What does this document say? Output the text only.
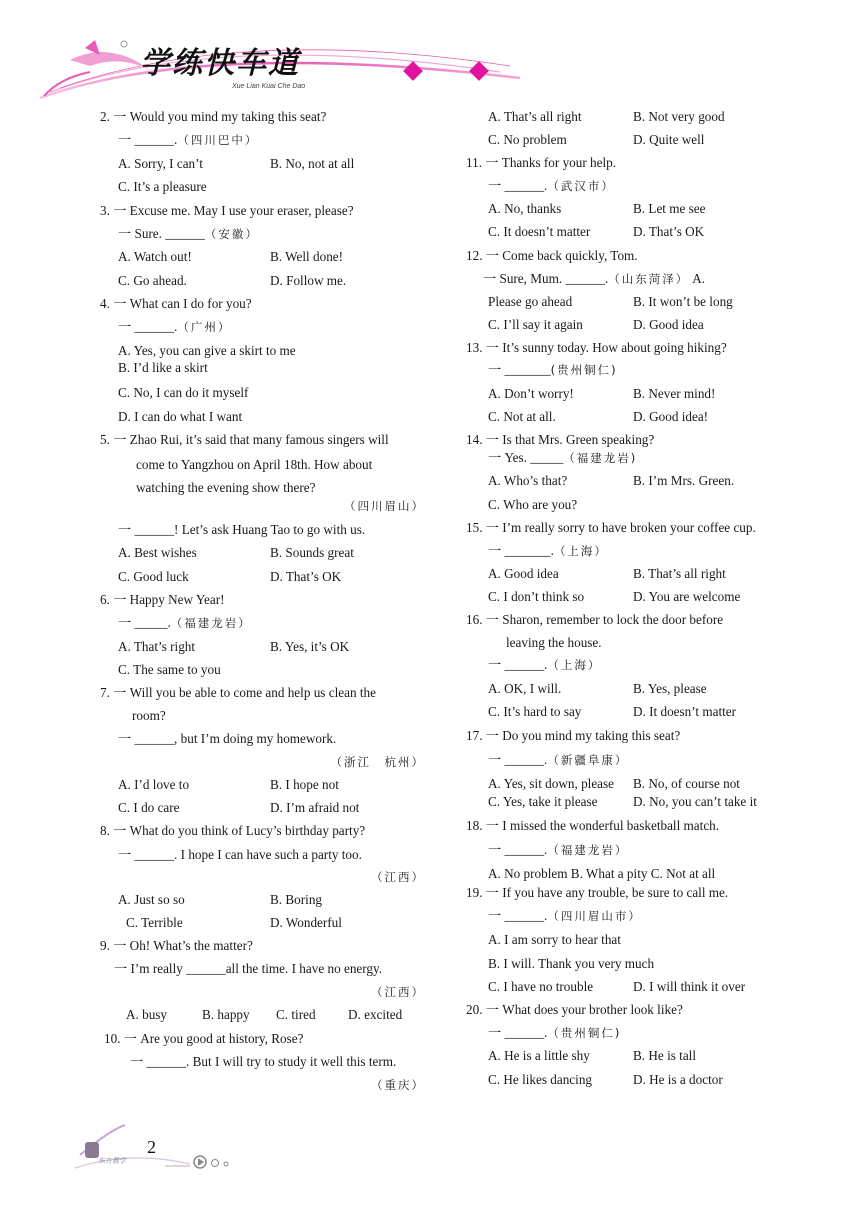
学练快车道
Xue Lian Kuai Che Dao
2. 一 Would you mind my taking this seat?
一 ______.（四川巴中）
A. Sorry, I can’t	B. No, not at all
C. It’s a pleasure
3. 一 Excuse me. May I use your eraser, please?
一 Sure. ______（安徽）
A. Watch out!	B. Well done!
C. Go ahead.	D. Follow me.
4. 一 What can I do for you?
一 ______.（广州）
A. Yes, you can give a skirt to me
B. I’d like a skirt
C. No, I can do it myself
D. I can do what I want
5. 一 Zhao Rui, it’s said that many famous singers will
come to Yangzhou on April 18th. How about
watching the evening show there?
（四川眉山）
一 ______! Let’s ask Huang Tao to go with us.
A. Best wishes	B. Sounds great
C. Good luck	D. That’s OK
6. 一 Happy New Year!
一 _____.（福建龙岩）
A. That’s right	B. Yes, it’s OK
C. The same to you
7. 一 Will you be able to come and help us clean the
room?
一 ______, but I’m doing my homework.
（浙江　杭州）
A. I’d love to	B. I hope not
C. I do care	D. I’m afraid not
8. 一 What do you think of Lucy’s birthday party?
一 ______. I hope I can have such a party too.
（江西）
A. Just so so	B. Boring
C. Terrible	D. Wonderful
9. 一 Oh! What’s the matter?
一 I’m really ______all the time. I have no energy.
（江西）
A. busy	B. happy C. tired D. excited
10. 一 Are you good at history, Rose?
一 ______. But I will try to study it well this term.
（重庆）
A. That’s all right	B. Not very good
C. No problem	D. Quite well
11. 一 Thanks for your help.
一 ______.（武汉市）
A. No, thanks	B. Let me see
C. It doesn’t matter	D. That’s OK
12. 一 Come back quickly, Tom.
一 Sure, Mum. ______.（山东菏泽） A.
Please go ahead	B. It won’t be long
C. I’ll say it again	D. Good idea
13. 一 It’s sunny today. How about going hiking?
一 _______(贵州铜仁)
A. Don’t worry!	B. Never mind!
C. Not at all.	D. Good idea!
14. 一 Is that Mrs. Green speaking?
一 Yes. _____（福建龙岩)
A. Who’s that?	B. I’m Mrs. Green.
C. Who are you?
15. 一 I’m really sorry to have broken your coffee cup.
一 _______.（上海）
A. Good idea	B. That’s all right
C. I don’t think so	D. You are welcome
16. 一 Sharon, remember to lock the door before
leaving the house.
一 ______.（上海）
A. OK, I will.	B. Yes, please
C. It’s hard to say	D. It doesn’t matter
17. 一 Do you mind my taking this seat?
一 ______.（新疆阜康）
A. Yes, sit down, please B. No, of course not
C. Yes, take it please	D. No, you can’t take it
18. 一 I missed the wonderful basketball match.
一 ______.（福建龙岩）
A. No problem B. What a pity C. Not at all
19. 一 If you have any trouble, be sure to call me.
一 ______.（四川眉山市）
A. I am sorry to hear that
B. I will. Thank you very much
C. I have no trouble	D. I will think it over
20. 一 What does your brother look like?
一 ______.（贵州铜仁)
A. He is a little shy	B. He is tall
C. He likes dancing	D. He is a doctor
2
东方教学
